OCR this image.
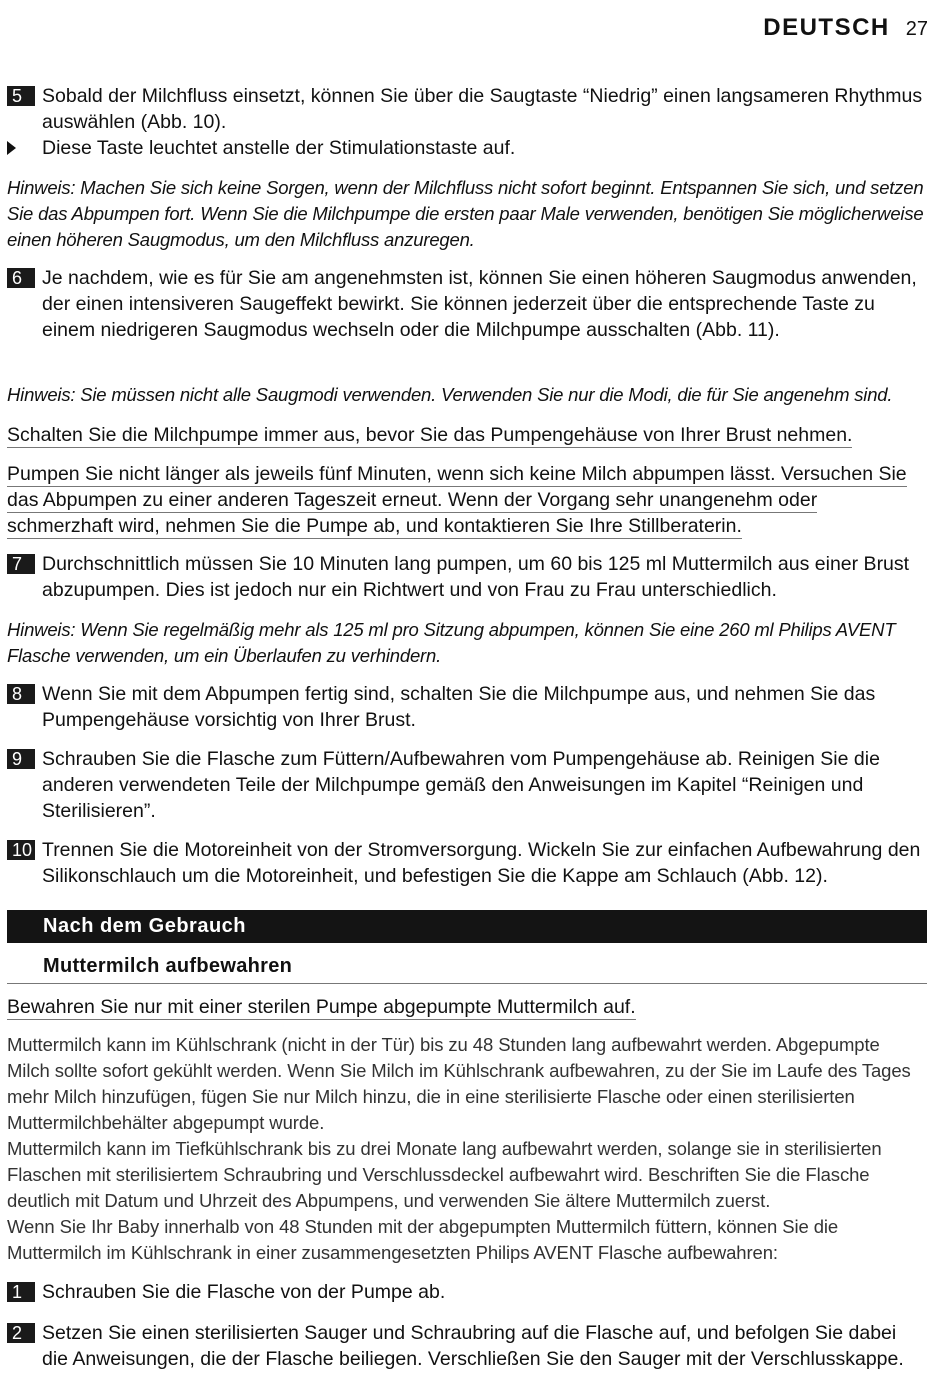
DEUTSCH 27
5	Sobald der Milchfluss einsetzt, können Sie über die Saugtaste “Niedrig” einen langsameren Rhythmus auswählen (Abb. 10).
Diese Taste leuchtet anstelle der Stimulationstaste auf.
Hinweis: Machen Sie sich keine Sorgen, wenn der Milchfluss nicht sofort beginnt. Entspannen Sie sich, und setzen Sie das Abpumpen fort. Wenn Sie die Milchpumpe die ersten paar Male verwenden, benötigen Sie möglicherweise einen höheren Saugmodus, um den Milchfluss anzuregen.
6	Je nachdem, wie es für Sie am angenehmsten ist, können Sie einen höheren Saugmodus anwenden, der einen intensiveren Saugeffekt bewirkt. Sie können jederzeit über die entsprechende Taste zu einem niedrigeren Saugmodus wechseln oder die Milchpumpe ausschalten (Abb. 11).
Hinweis: Sie müssen nicht alle Saugmodi verwenden. Verwenden Sie nur die Modi, die für Sie angenehm sind.
Schalten Sie die Milchpumpe immer aus, bevor Sie das Pumpengehäuse von Ihrer Brust nehmen.
Pumpen Sie nicht länger als jeweils fünf Minuten, wenn sich keine Milch abpumpen lässt. Versuchen Sie das Abpumpen zu einer anderen Tageszeit erneut. Wenn der Vorgang sehr unangenehm oder schmerzhaft wird, nehmen Sie die Pumpe ab, und kontaktieren Sie Ihre Stillberaterin.
7	Durchschnittlich müssen Sie 10 Minuten lang pumpen, um 60 bis 125 ml Muttermilch aus einer Brust abzupumpen. Dies ist jedoch nur ein Richtwert und von Frau zu Frau unterschiedlich.
Hinweis: Wenn Sie regelmäßig mehr als 125 ml pro Sitzung abpumpen, können Sie eine 260 ml Philips AVENT Flasche verwenden, um ein Überlaufen zu verhindern.
8	Wenn Sie mit dem Abpumpen fertig sind, schalten Sie die Milchpumpe aus, und nehmen Sie das Pumpengehäuse vorsichtig von Ihrer Brust.
9	Schrauben Sie die Flasche zum Füttern/Aufbewahren vom Pumpengehäuse ab. Reinigen Sie die anderen verwendeten Teile der Milchpumpe gemäß den Anweisungen im Kapitel “Reinigen und Sterilisieren”.
10 Trennen Sie die Motoreinheit von der Stromversorgung. Wickeln Sie zur einfachen Aufbewahrung den Silikonschlauch um die Motoreinheit, und befestigen Sie die Kappe am Schlauch (Abb. 12).
Nach dem Gebrauch
Muttermilch aufbewahren
Bewahren Sie nur mit einer sterilen Pumpe abgepumpte Muttermilch auf.
Muttermilch kann im Kühlschrank (nicht in der Tür) bis zu 48 Stunden lang aufbewahrt werden. Abgepumpte Milch sollte sofort gekühlt werden. Wenn Sie Milch im Kühlschrank aufbewahren, zu der Sie im Laufe des Tages mehr Milch hinzufügen, fügen Sie nur Milch hinzu, die in eine sterilisierte Flasche oder einen sterilisierten Muttermilchbehälter abgepumpt wurde.
Muttermilch kann im Tiefkühlschrank bis zu drei Monate lang aufbewahrt werden, solange sie in sterilisierten Flaschen mit sterilisiertem Schraubring und Verschlussdeckel aufbewahrt wird. Beschriften Sie die Flasche deutlich mit Datum und Uhrzeit des Abpumpens, und verwenden Sie ältere Muttermilch zuerst.
Wenn Sie Ihr Baby innerhalb von 48 Stunden mit der abgepumpten Muttermilch füttern, können Sie die Muttermilch im Kühlschrank in einer zusammengesetzten Philips AVENT Flasche aufbewahren:
1	Schrauben Sie die Flasche von der Pumpe ab.
2	Setzen Sie einen sterilisierten Sauger und Schraubring auf die Flasche auf, und befolgen Sie dabei die Anweisungen, die der Flasche beiliegen. Verschließen Sie den Sauger mit der Verschlusskappe.
